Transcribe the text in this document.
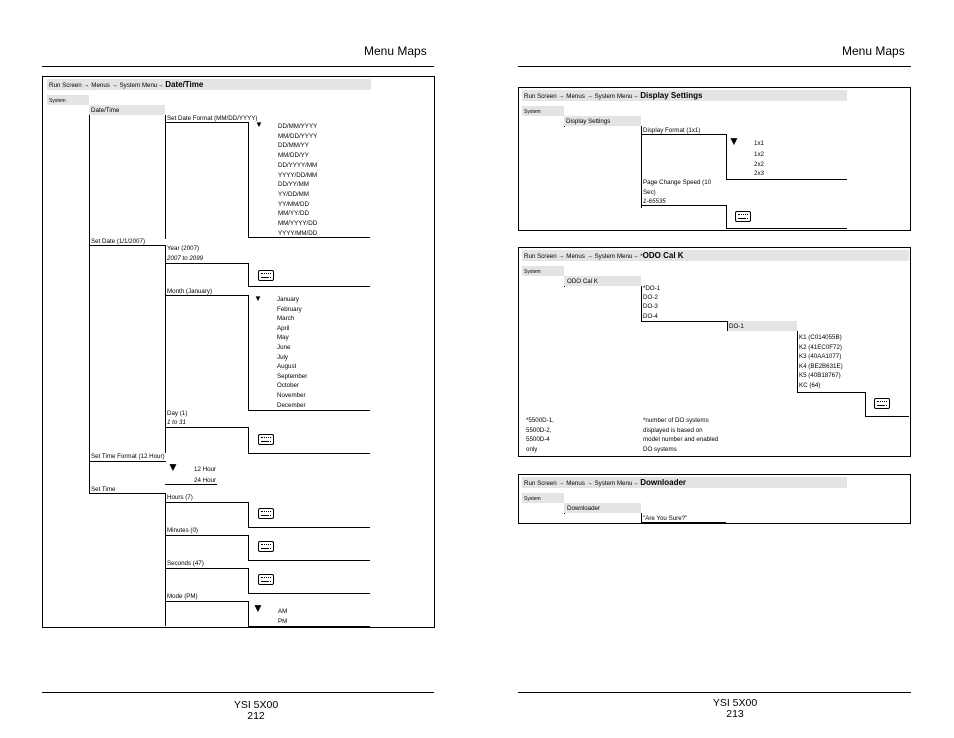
Menu Maps
Run Screen → Menus → System Menu→ Date/Time
System
Date/Time
Set Date Format (MM/DD/YYYY)
▼ DD/MM/YYYY
MM/DD/YYYY
DD/MM/YY
MM/DD/YY
DD/YYYY/MM
YYYY/DD/MM
DD/YY/MM
YY/DD/MM
YY/MM/DD
MM/YY/DD
MM/YYYY/DD
YYYY/MM/DD
Set Date (1/1/2007)
Year (2007)
2007 to 2099
Month (January)
▼ January
February
March
April
May
June
July
August
September
October
November
December
Day (1)
1 to 31
Set Time Format (12 Hour)
▼ 12 Hour
24 Hour
Set Time
Hours (7)
Minutes (0)
Seconds (47)
Mode (PM)
▼ AM
PM
YSI 5X00
212
Menu Maps
Run Screen → Menus → System Menu→ Display Settings
System
Display Settings
Display Format (1x1)
▼ 1x1
1x2
2x2
2x3
Page Change Speed (10
Sec)
1-65535
Run Screen → Menus → System Menu→ *ODO Cal K
System
ODO Cal K
*DO-1
DO-2
DO-3
DO-4
DO-1
K1 (C014055B)
K2 (41EC0F72)
K3 (40AA1077)
K4 (BE2B631E)
K5 (40B18767)
KC (64)
*5500D-1,
5500D-2,
5500D-4
only
*number of DO systems
displayed is based on
model number and enabled
DO systems
Run Screen → Menus → System Menu→ Downloader
System
Downloader
"Are You Sure?"
YSI 5X00
213
